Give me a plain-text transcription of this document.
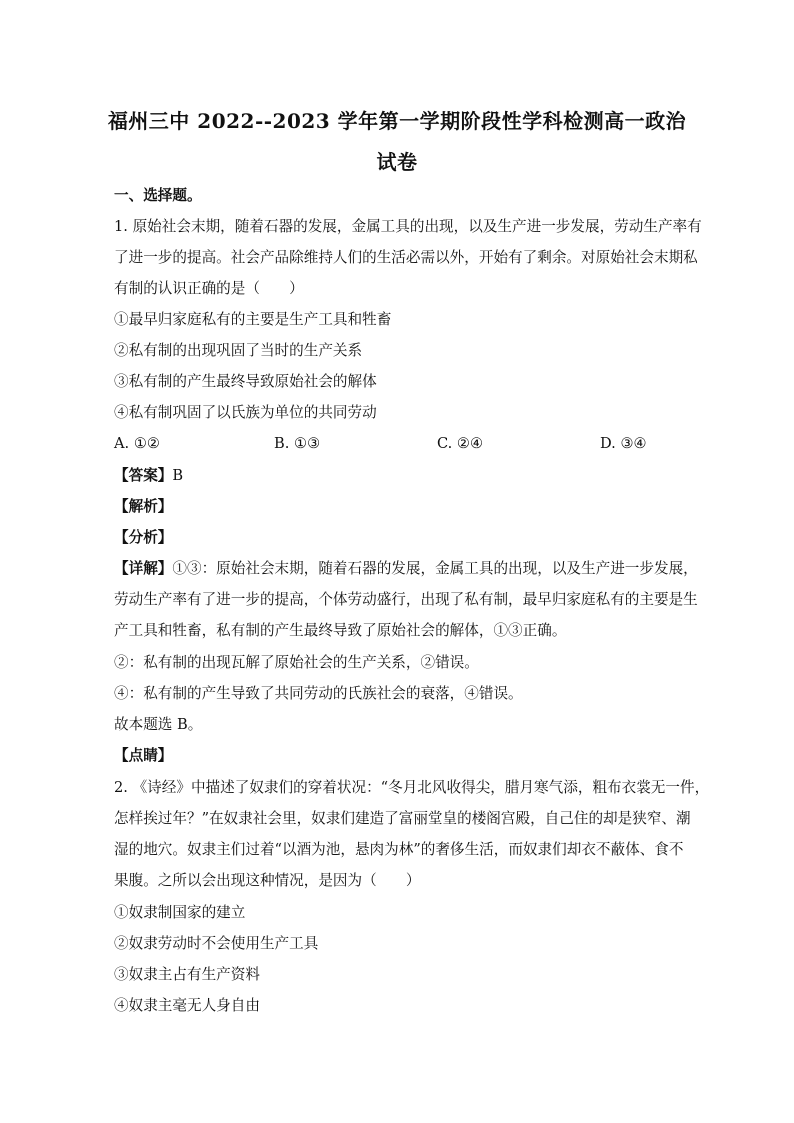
福州三中 2022--2023 学年第一学期阶段性学科检测高一政治
试卷
一、选择题。
1. 原始社会末期，随着石器的发展，金属工具的出现，以及生产进一步发展，劳动生产率有
了进一步的提高。社会产品除维持人们的生活必需以外，开始有了剩余。对原始社会末期私
有制的认识正确的是（　　）
①最早归家庭私有的主要是生产工具和牲畜
②私有制的出现巩固了当时的生产关系
③私有制的产生最终导致原始社会的解体
④私有制巩固了以氏族为单位的共同劳动
A. ①②	B. ①③	C. ②④	D. ③④
【答案】B
【解析】
【分析】
【详解】①③：原始社会末期，随着石器的发展，金属工具的出现，以及生产进一步发展，
劳动生产率有了进一步的提高，个体劳动盛行，出现了私有制，最早归家庭私有的主要是生
产工具和牲畜，私有制的产生最终导致了原始社会的解体，①③正确。
②：私有制的出现瓦解了原始社会的生产关系，②错误。
④：私有制的产生导致了共同劳动的氏族社会的衰落，④错误。
故本题选 B。
【点睛】
2. 《诗经》中描述了奴隶们的穿着状况：“冬月北风收得尖，腊月寒气添，粗布衣裳无一件，
怎样挨过年？”在奴隶社会里，奴隶们建造了富丽堂皇的楼阁宫殿，自己住的却是狭窄、潮
湿的地穴。奴隶主们过着“以酒为池，悬肉为林”的奢侈生活，而奴隶们却衣不蔽体、食不
果腹。之所以会出现这种情况，是因为（　　）
①奴隶制国家的建立
②奴隶劳动时不会使用生产工具
③奴隶主占有生产资料
④奴隶主毫无人身自由
